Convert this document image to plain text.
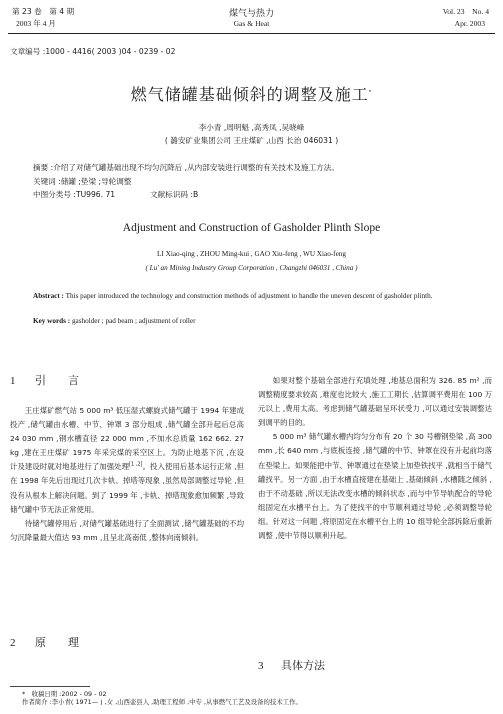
第 23 卷　第 4 期
2003 年 4 月
煤气与热力
Gas & Heat
Vol. 23　No. 4
Apr. 2003
文章编号 :1000 - 4416( 2003 )04 - 0239 - 02
燃气储罐基础倾斜的调整及施工*
李小青 ,周明魁 ,高秀凤 ,吴晓峰
( 潞安矿业集团公司 王庄煤矿 ,山西 长治 046031 )
摘要 :介绍了对储气罐基础出现不均匀沉降后 ,从内部安装进行调整的有关技术及施工方法。
关键词 :储罐 ;垫梁 ;导轮调整
中图分类号 :TU996. 71	文献标识码 :B
Adjustment and Construction of Gasholder Plinth Slope
LI Xiao-qing , ZHOU Ming-kui , GAO Xiu-feng , WU Xiao-feng
( Lu' an Mining Industry Group Corporation , Changzhi 046031 , China )
Abstract : This paper introduced the technology and construction methods of adjustment to handle the uneven descent of gasholder plinth.
Key words : gasholder ; pad beam ; adjustment of roller
1 引　　言

王庄煤矿燃气站 5 000 m³ 低压湿式螺旋式储气罐于 1994 年建成投产 ,储气罐由水槽、中节、钟罩 3 部分组成 ,储气罐全部升起后总高 24 030 mm ,钢水槽直径 22 000 mm ,不加水总质量 162 662. 27 kg ,建在王庄煤矿 1975 年采完煤的采空区上。为防止地基下沉 ,在设计及建设时就对地基进行了加强处理[1 ,2]。投入使用后基本运行正常 ,但在 1998 年先后出现过几次卡轨、掉塔等现象 ,虽然局部调整过导轮 ,但没有从根本上解决问题。到了 1999 年 ,卡轨、掉塔现象愈加频繁 ,导致储气罐中节无法正常使用。

待储气罐停用后 ,对储气罐基础进行了全面测试 ,储气罐基础的不均匀沉降量最大值达 93 mm ,且呈北高南低 ,整体向南倾斜。

2 原　　理

如果对整个基础全部进行充填处理 ,地基总面积为 326. 85 m² ,而调整精度要求较高 ,难度也比较大 ,施工工期长 ,估算调平费用在 100 万元以上 ,费用太高。考虑到储气罐基础呈环状受力 ,可以通过安装调整达到调平的目的。

5 000 m³ 储气罐水槽内均匀分布有 20 个 30 号槽钢垫梁 ,高 300 mm ,长 640 mm ,与底板连接 ,储气罐的中节、钟罩在没有升起前均落在垫梁上。如果能把中节、钟罩通过在垫梁上加垫铁找平 ,就相当于储气罐找平。另一方面 ,由于水槽直接建在基础上 ,基础倾斜 ,水槽随之倾斜 ,由于不动基础 ,所以无法改变水槽的倾斜状态 ,而与中节导轨配合的导轮组固定在水槽平台上。为了使找平的中节顺利通过导轮 ,必须调整导轮组。针对这一问题 ,将原固定在水槽平台上的 10 组导轮全部拆除后重新调整 ,使中节得以顺利升起。

3 具体方法
*　收稿日期 :2002 - 09 - 02
作者简介 :李小青( 1971— ) ,女 ,山西壶县人 ,助理工程师 ,中专 ,从事燃气工艺及设备的技术工作。
